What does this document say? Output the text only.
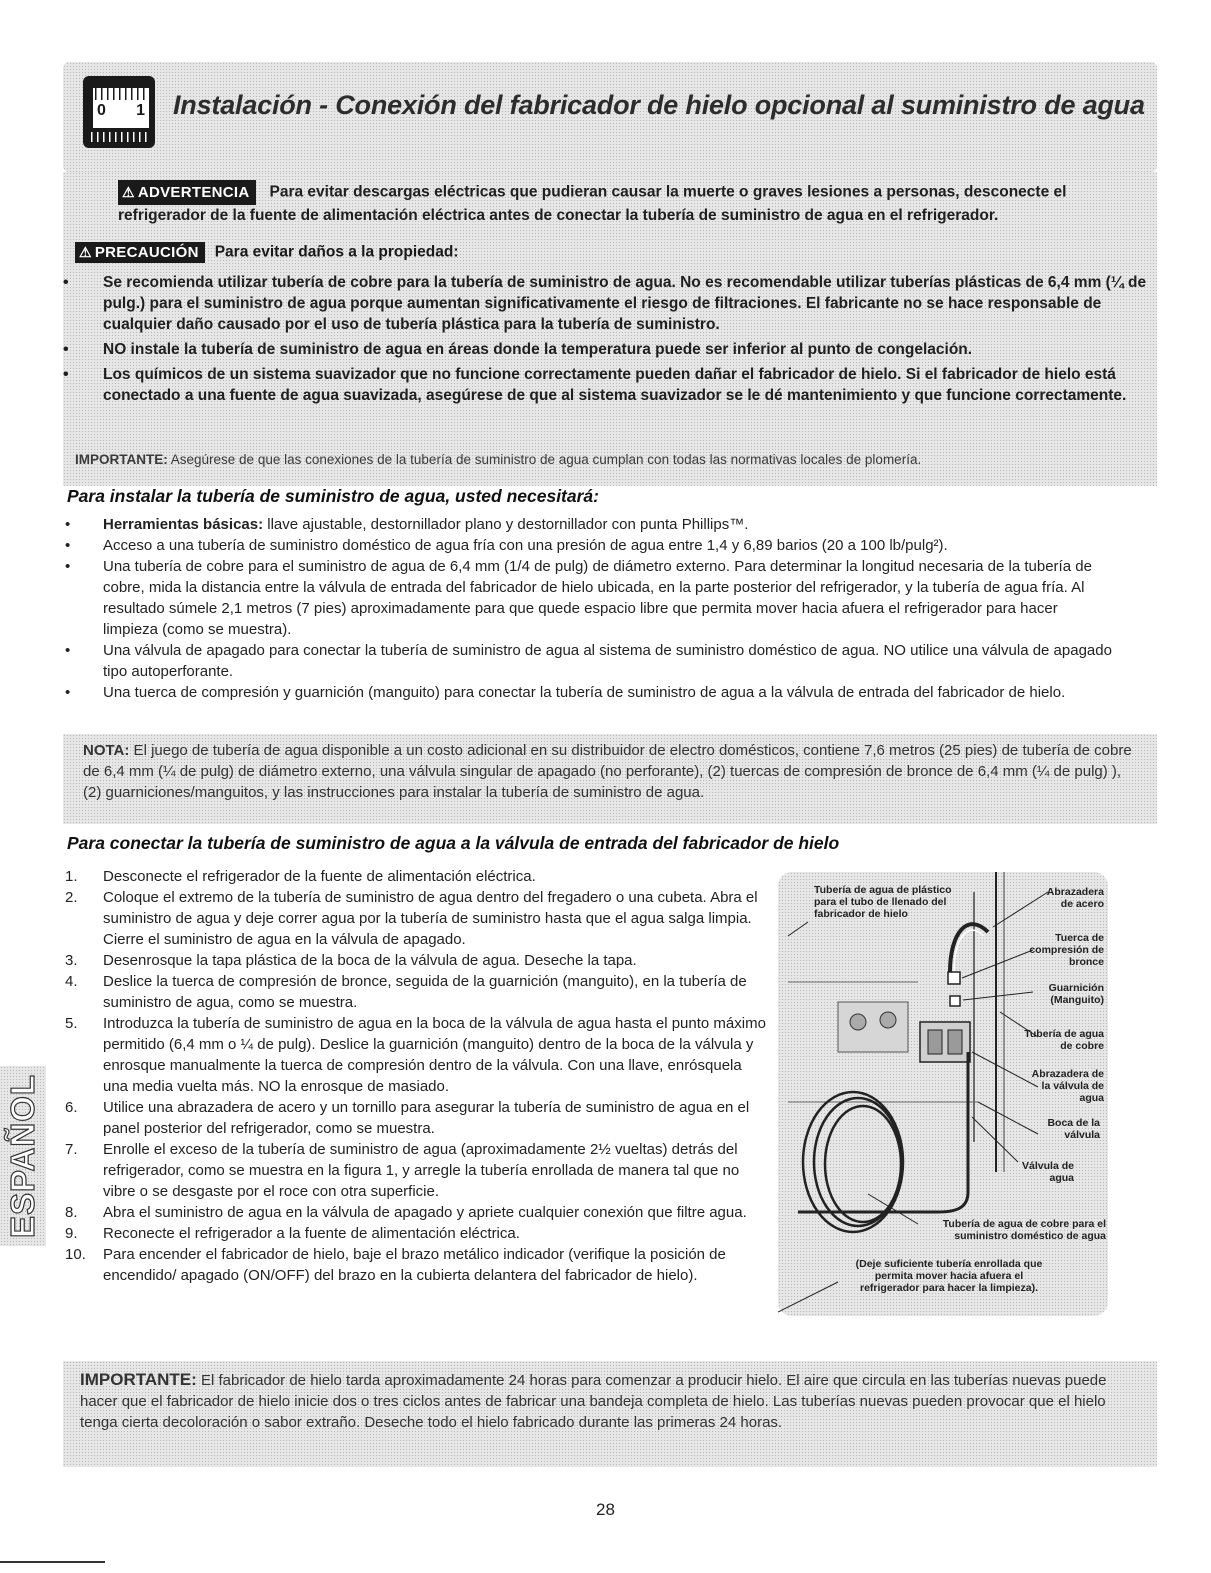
0 1 Instalación - Conexión del fabricador de hielo opcional al suministro de agua
⚠ ADVERTENCIA Para evitar descargas eléctricas que pudieran causar la muerte o graves lesiones a personas, desconecte el refrigerador de la fuente de alimentación eléctrica antes de conectar la tubería de suministro de agua en el refrigerador.
⚠ PRECAUCIÓN Para evitar daños a la propiedad:
• Se recomienda utilizar tubería de cobre para la tubería de suministro de agua. No es recomendable utilizar tuberías plásticas de 6,4 mm (¼ de pulg.) para el suministro de agua porque aumentan significativamente el riesgo de filtraciones. El fabricante no se hace responsable de cualquier daño causado por el uso de tubería plástica para la tubería de suministro.
• NO instale la tubería de suministro de agua en áreas donde la temperatura puede ser inferior al punto de congelación.
• Los químicos de un sistema suavizador que no funcione correctamente pueden dañar el fabricador de hielo. Si el fabricador de hielo está conectado a una fuente de agua suavizada, asegúrese de que al sistema suavizador se le dé mantenimiento y que funcione correctamente.
IMPORTANTE: Asegúrese de que las conexiones de la tubería de suministro de agua cumplan con todas las normativas locales de plomería.
Para instalar la tubería de suministro de agua, usted necesitará:
• Herramientas básicas: llave ajustable, destornillador plano y destornillador con punta Phillips™.
• Acceso a una tubería de suministro doméstico de agua fría con una presión de agua entre 1,4 y 6,89 barios (20 a 100 lb/pulg²).
• Una tubería de cobre para el suministro de agua de 6,4 mm (1/4 de pulg) de diámetro externo. Para determinar la longitud necesaria de la tubería de cobre, mida la distancia entre la válvula de entrada del fabricador de hielo ubicada, en la parte posterior del refrigerador, y la tubería de agua fría. Al resultado súmele 2,1 metros (7 pies) aproximadamente para que quede espacio libre que permita mover hacia afuera el refrigerador para hacer limpieza (como se muestra).
• Una válvula de apagado para conectar la tubería de suministro de agua al sistema de suministro doméstico de agua. NO utilice una válvula de apagado tipo autoperforante.
• Una tuerca de compresión y guarnición (manguito) para conectar la tubería de suministro de agua a la válvula de entrada del fabricador de hielo.
NOTA: El juego de tubería de agua disponible a un costo adicional en su distribuidor de electro domésticos, contiene 7,6 metros (25 pies) de tubería de cobre de 6,4 mm (¼ de pulg) de diámetro externo, una válvula singular de apagado (no perforante), (2) tuercas de compresión de bronce de 6,4 mm (¼ de pulg) ), (2) guarniciones/manguitos, y las instrucciones para instalar la tubería de suministro de agua.
Para conectar la tubería de suministro de agua a la válvula de entrada del fabricador de hielo
1. Desconecte el refrigerador de la fuente de alimentación eléctrica.
2. Coloque el extremo de la tubería de suministro de agua dentro del fregadero o una cubeta. Abra el suministro de agua y deje correr agua por la tubería de suministro hasta que el agua salga limpia. Cierre el suministro de agua en la válvula de apagado.
3. Desenrosque la tapa plástica de la boca de la válvula de agua. Deseche la tapa.
4. Deslice la tuerca de compresión de bronce, seguida de la guarnición (manguito), en la tubería de suministro de agua, como se muestra.
5. Introduzca la tubería de suministro de agua en la boca de la válvula de agua hasta el punto máximo permitido (6,4 mm o ¼ de pulg). Deslice la guarnición (manguito) dentro de la boca de la válvula y enrosque manualmente la tuerca de compresión dentro de la válvula. Con una llave, enrósquela una media vuelta más. NO la enrosque de masiado.
6. Utilice una abrazadera de acero y un tornillo para asegurar la tubería de suministro de agua en el panel posterior del refrigerador, como se muestra.
7. Enrolle el exceso de la tubería de suministro de agua (aproximadamente 2½ vueltas) detrás del refrigerador, como se muestra en la figura 1, y arregle la tubería enrollada de manera tal que no vibre o se desgaste por el roce con otra superficie.
8. Abra el suministro de agua en la válvula de apagado y apriete cualquier conexión que filtre agua.
9. Reconecte el refrigerador a la fuente de alimentación eléctrica.
10. Para encender el fabricador de hielo, baje el brazo metálico indicador (verifique la posición de encendido/ apagado (ON/OFF) del brazo en la cubierta delantera del fabricador de hielo).
Tubería de agua de plástico para el tubo de llenado del fabricador de hielo
Abrazadera de acero
Tuerca de compresión de bronce
Guarnición (Manguito)
Tubería de agua de cobre
Abrazadera de la válvula de agua
Boca de la válvula
Válvula de agua
Tubería de agua de cobre para el suministro doméstico de agua
(Deje suficiente tubería enrollada que permita mover hacia afuera el refrigerador para hacer la limpieza).
IMPORTANTE: El fabricador de hielo tarda aproximadamente 24 horas para comenzar a producir hielo. El aire que circula en las tuberías nuevas puede hacer que el fabricador de hielo inicie dos o tres ciclos antes de fabricar una bandeja completa de hielo. Las tuberías nuevas pueden provocar que el hielo tenga cierta decoloración o sabor extraño. Deseche todo el hielo fabricado durante las primeras 24 horas.
ESPAÑOL
28
